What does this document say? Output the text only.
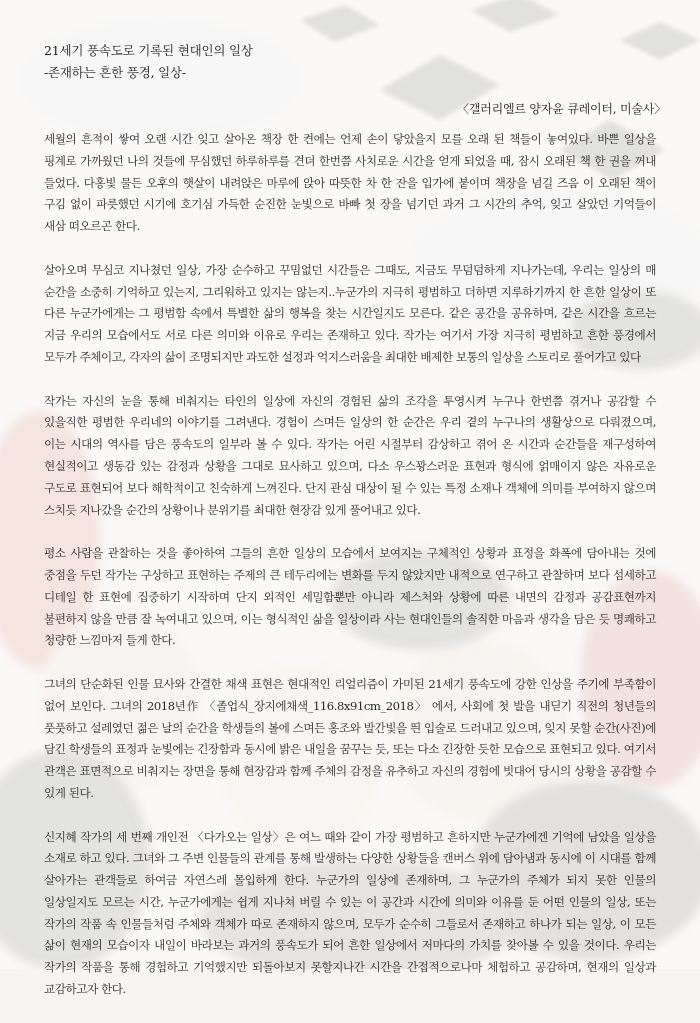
21세기 풍속도로 기록된 현대인의 일상
-존재하는 흔한 풍경, 일상-
〈갤러리엘르 양자윤 큐레이터, 미술사〉

세월의 흔적이 쌓여 오랜 시간 잊고 살아온 책장 한 켠에는 언제 손이 닿았을지 모를 오래 된 책들이 놓여있다. 바쁜 일상을 핑계로 가까웠던 나의 것들에 무심했던 하루하루를 견뎌 한번쯤 사치로운 시간을 얻게 되었을 때, 잠시 오래된 책 한 권을 꺼내 들었다. 다홍빛 물든 오후의 햇살이 내려앉은 마루에 앉아 따뜻한 차 한 잔을 입가에 붙이며 책장을 넘길 즈음 이 오래된 책이 구김 없이 파릇했던 시기에 호기심 가득한 순진한 눈빛으로 바빠 첫 장을 넘기던 과거 그 시간의 추억, 잊고 살았던 기억들이 새삼 떠오르곤 한다.

살아오며 무심코 지나쳤던 일상, 가장 순수하고 꾸밈없던 시간들은 그때도, 지금도 무덤덤하게 지나가는데, 우리는 일상의 매 순간을 소중히 기억하고 있는지, 그리워하고 있지는 않는지..누군가의 지극히 평범하고 더하면 지루하기까지 한 흔한 일상이 또 다른 누군가에게는 그 평범함 속에서 특별한 삶의 행복을 찾는 시간일지도 모른다. 같은 공간을 공유하며, 같은 시간을 흐르는 지금 우리의 모습에서도 서로 다른 의미와 이유로 우리는 존재하고 있다. 작가는 여기서 가장 지극히 평범하고 흔한 풍경에서 모두가 주체이고, 각자의 삶이 조명되지만 과도한 설정과 억지스러움을 최대한 배제한 보통의 일상을 스토리로 풀어가고 있다

작가는 자신의 눈을 통해 비춰지는 타인의 일상에 자신의 경험된 삶의 조각을 투영시켜 누구나 한번쯤 겪거나 공감할 수 있을직한 평범한 우리네의 이야기를 그려낸다. 경험이 스며든 일상의 한 순간은 우리 곁의 누구나의 생활상으로 다뤄졌으며, 이는 시대의 역사를 담은 풍속도의 일부라 볼 수 있다. 작가는 어린 시절부터 감상하고 겪어 온 시간과 순간들을 재구성하여 현실적이고 생동감 있는 감정과 상황을 그대로 묘사하고 있으며, 다소 우스꽝스러운 표현과 형식에 얽매이지 않은 자유로운 구도로 표현되어 보다 해학적이고 친숙하게 느껴진다. 단지 관심 대상이 될 수 있는 특정 소재나 객체에 의미를 부여하지 않으며 스치듯 지나갔을 순간의 상황이나 분위기를 최대한 현장감 있게 풀어내고 있다.

평소 사람을 관찰하는 것을 좋아하여 그들의 흔한 일상의 모습에서 보여지는 구체적인 상황과 표정을 화폭에 담아내는 것에 중점을 두던 작가는 구상하고 표현하는 주제의 큰 테두리에는 변화를 두지 않았지만 내적으로 연구하고 관찰하며 보다 섬세하고 디테일 한 표현에 집중하기 시작하며 단지 외적인 세밀함뿐만 아니라 제스처와 상황에 따른 내면의 감정과 공감표현까지 불편하지 않을 만큼 잘 녹여내고 있으며, 이는 형식적인 삶을 일상이라 사는 현대인들의 솔직한 마음과 생각을 담은 듯 명쾌하고 청량한 느낌마저 들게 한다.

그녀의 단순화된 인물 묘사와 간결한 채색 표현은 현대적인 리얼리즘이 가미된 21세기 풍속도에 강한 인상을 주기에 부족함이 없어 보인다. 그녀의 2018년作 〈졸업식_장지에채색_116.8x91cm_2018〉 에서, 사회에 첫 발을 내딛기 직전의 청년들의 풋풋하고 설레였던 젊은 날의 순간을 학생들의 볼에 스며든 홍조와 발간빛을 띈 입술로 드러내고 있으며, 잊지 못할 순간(사진)에 담긴 학생들의 표정과 눈빛에는 긴장함과 동시에 밝은 내일을 꿈꾸는 듯, 또는 다소 긴장한 듯한 모습으로 표현되고 있다. 여기서 관객은 표면적으로 비춰지는 장면을 통해 현장감과 함께 주체의 감정을 유추하고 자신의 경험에 빗대어 당시의 상황을 공감할 수 있게 된다.

신지혜 작가의 세 번째 개인전 〈다가오는 일상〉은 여느 때와 같이 가장 평범하고 흔하지만 누군가에겐 기억에 남았을 일상을 소재로 하고 있다. 그녀와 그 주변 인물들의 관계를 통해 발생하는 다양한 상황들을 캔버스 위에 담아냄과 동시에 이 시대를 함께 살아가는 관객들로 하여금 자연스레 몰입하게 한다. 누군가의 일상에 존재하며, 그 누군가의 주체가 되지 못한 인물의 일상일지도 모르는 시간, 누군가에게는 쉽게 지나쳐 버릴 수 있는 이 공간과 시간에 의미와 이유를 둔 어떤 인물의 일상, 또는 작가의 작품 속 인물들처럼 주체와 객체가 따로 존재하지 않으며, 모두가 순수히 그들로서 존재하고 하나가 되는 일상, 이 모든 삶이 현재의 모습이자 내일이 바라보는 과거의 풍속도가 되어 흔한 일상에서 저마다의 가치를 찾아볼 수 있을 것이다. 우리는 작가의 작품을 통해 경험하고 기억했지만 되돌아보지 못할지나간 시간을 간접적으로나마 체험하고 공감하며, 현재의 일상과 교감하고자 한다.
